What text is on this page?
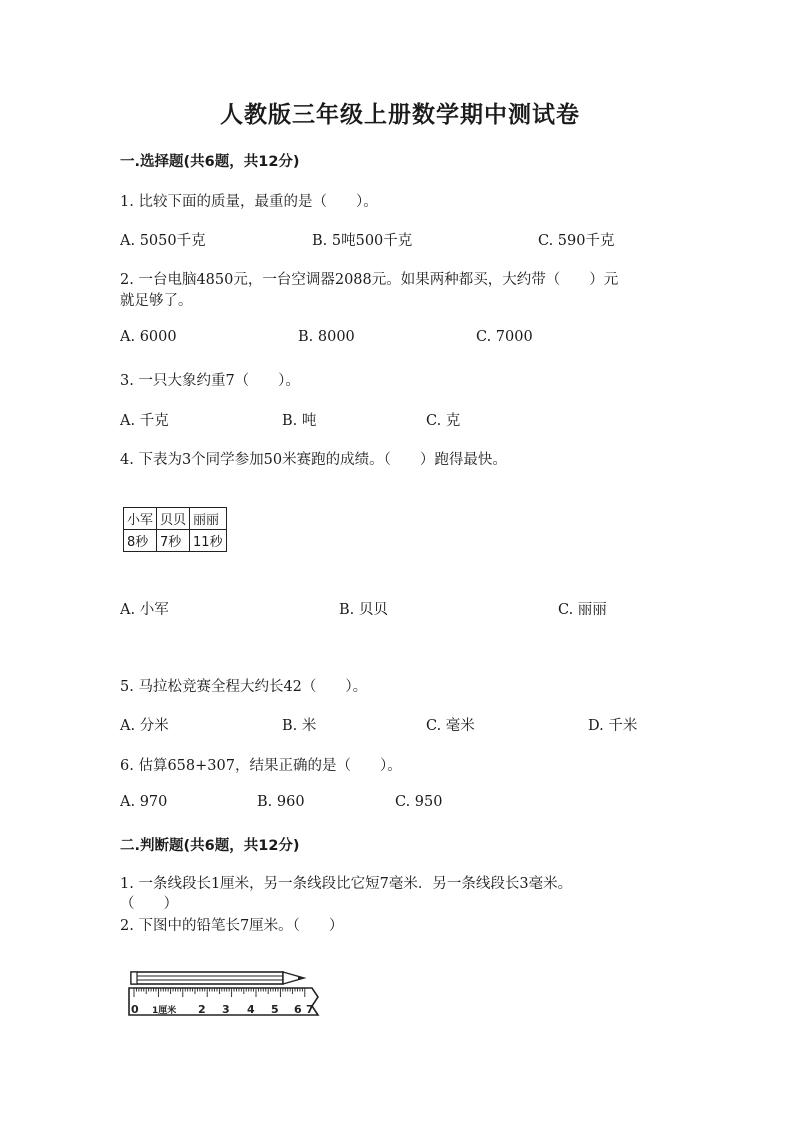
人教版三年级上册数学期中测试卷
一.选择题(共6题，共12分)
1. 比较下面的质量，最重的是（　　）。
A. 5050千克	B. 5吨500千克	C. 590千克
2. 一台电脑4850元，一台空调器2088元。如果两种都买，大约带（　　）元
就足够了。
A. 6000	B. 8000	C. 7000
3. 一只大象约重7（　　）。
A. 千克	B. 吨	C. 克
4. 下表为3个同学参加50米赛跑的成绩。（　　）跑得最快。
小军	贝贝	丽丽
8秒	7秒	11秒
A. 小军	B. 贝贝	C. 丽丽
5. 马拉松竞赛全程大约长42（　　）。
A. 分米	B. 米	C. 毫米	D. 千米
6. 估算658+307，结果正确的是（　　）。
A. 970	B. 960	C. 950
二.判断题(共6题，共12分)
1. 一条线段长1厘米，另一条线段比它短7毫米．另一条线段长3毫米。
（　　）
2. 下图中的铅笔长7厘米。（　　）
0 1厘米 2 3 4 5 6 7
